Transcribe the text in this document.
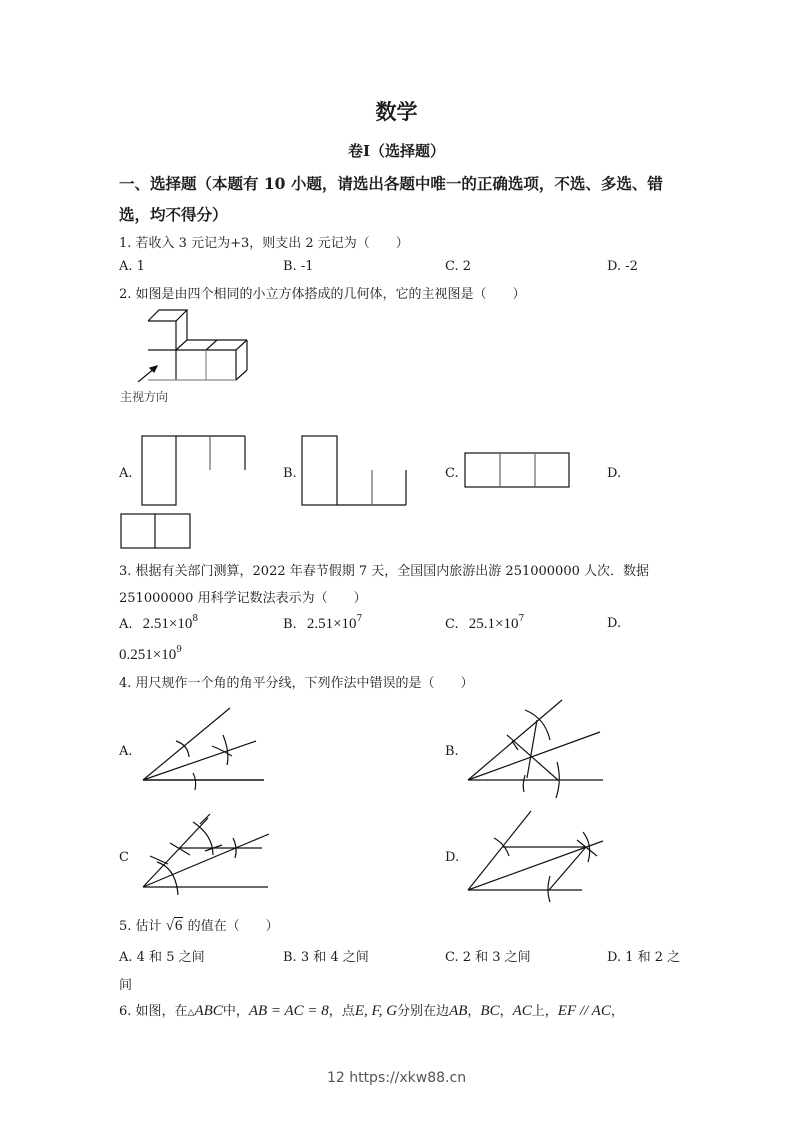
数学
卷Ⅰ（选择题）
一、选择题（本题有 10 小题，请选出各题中唯一的正确选项，不选、多选、错
选，均不得分）
1. 若收入 3 元记为+3，则支出 2 元记为（　　）
A. 1	B. -1	C. 2	D. -2
2. 如图是由四个相同的小立方体搭成的几何体，它的主视图是（　　）
主视方向
A.	B.	C.	D.
3. 根据有关部门测算，2022 年春节假期 7 天，全国国内旅游出游 251000000 人次．数据
251000000 用科学记数法表示为（　　）
A. $2.51\times 10^8$	B. $2.51\times 10^7$	C. $25.1\times 10^7$	D.
$0.251\times 10^9$
4. 用尺规作一个角的角平分线，下列作法中错误的是（　　）
A.	B.
C	D.
5. 估计 √6 的值在（　　）
A. 4 和 5 之间	B. 3 和 4 之间	C. 2 和 3 之间	D. 1 和 2 之
间
6. 如图，在△ABC中，AB = AC = 8，点E, F, G分别在边AB，BC，AC上，EF // AC，
12 https://xkw88.cn
